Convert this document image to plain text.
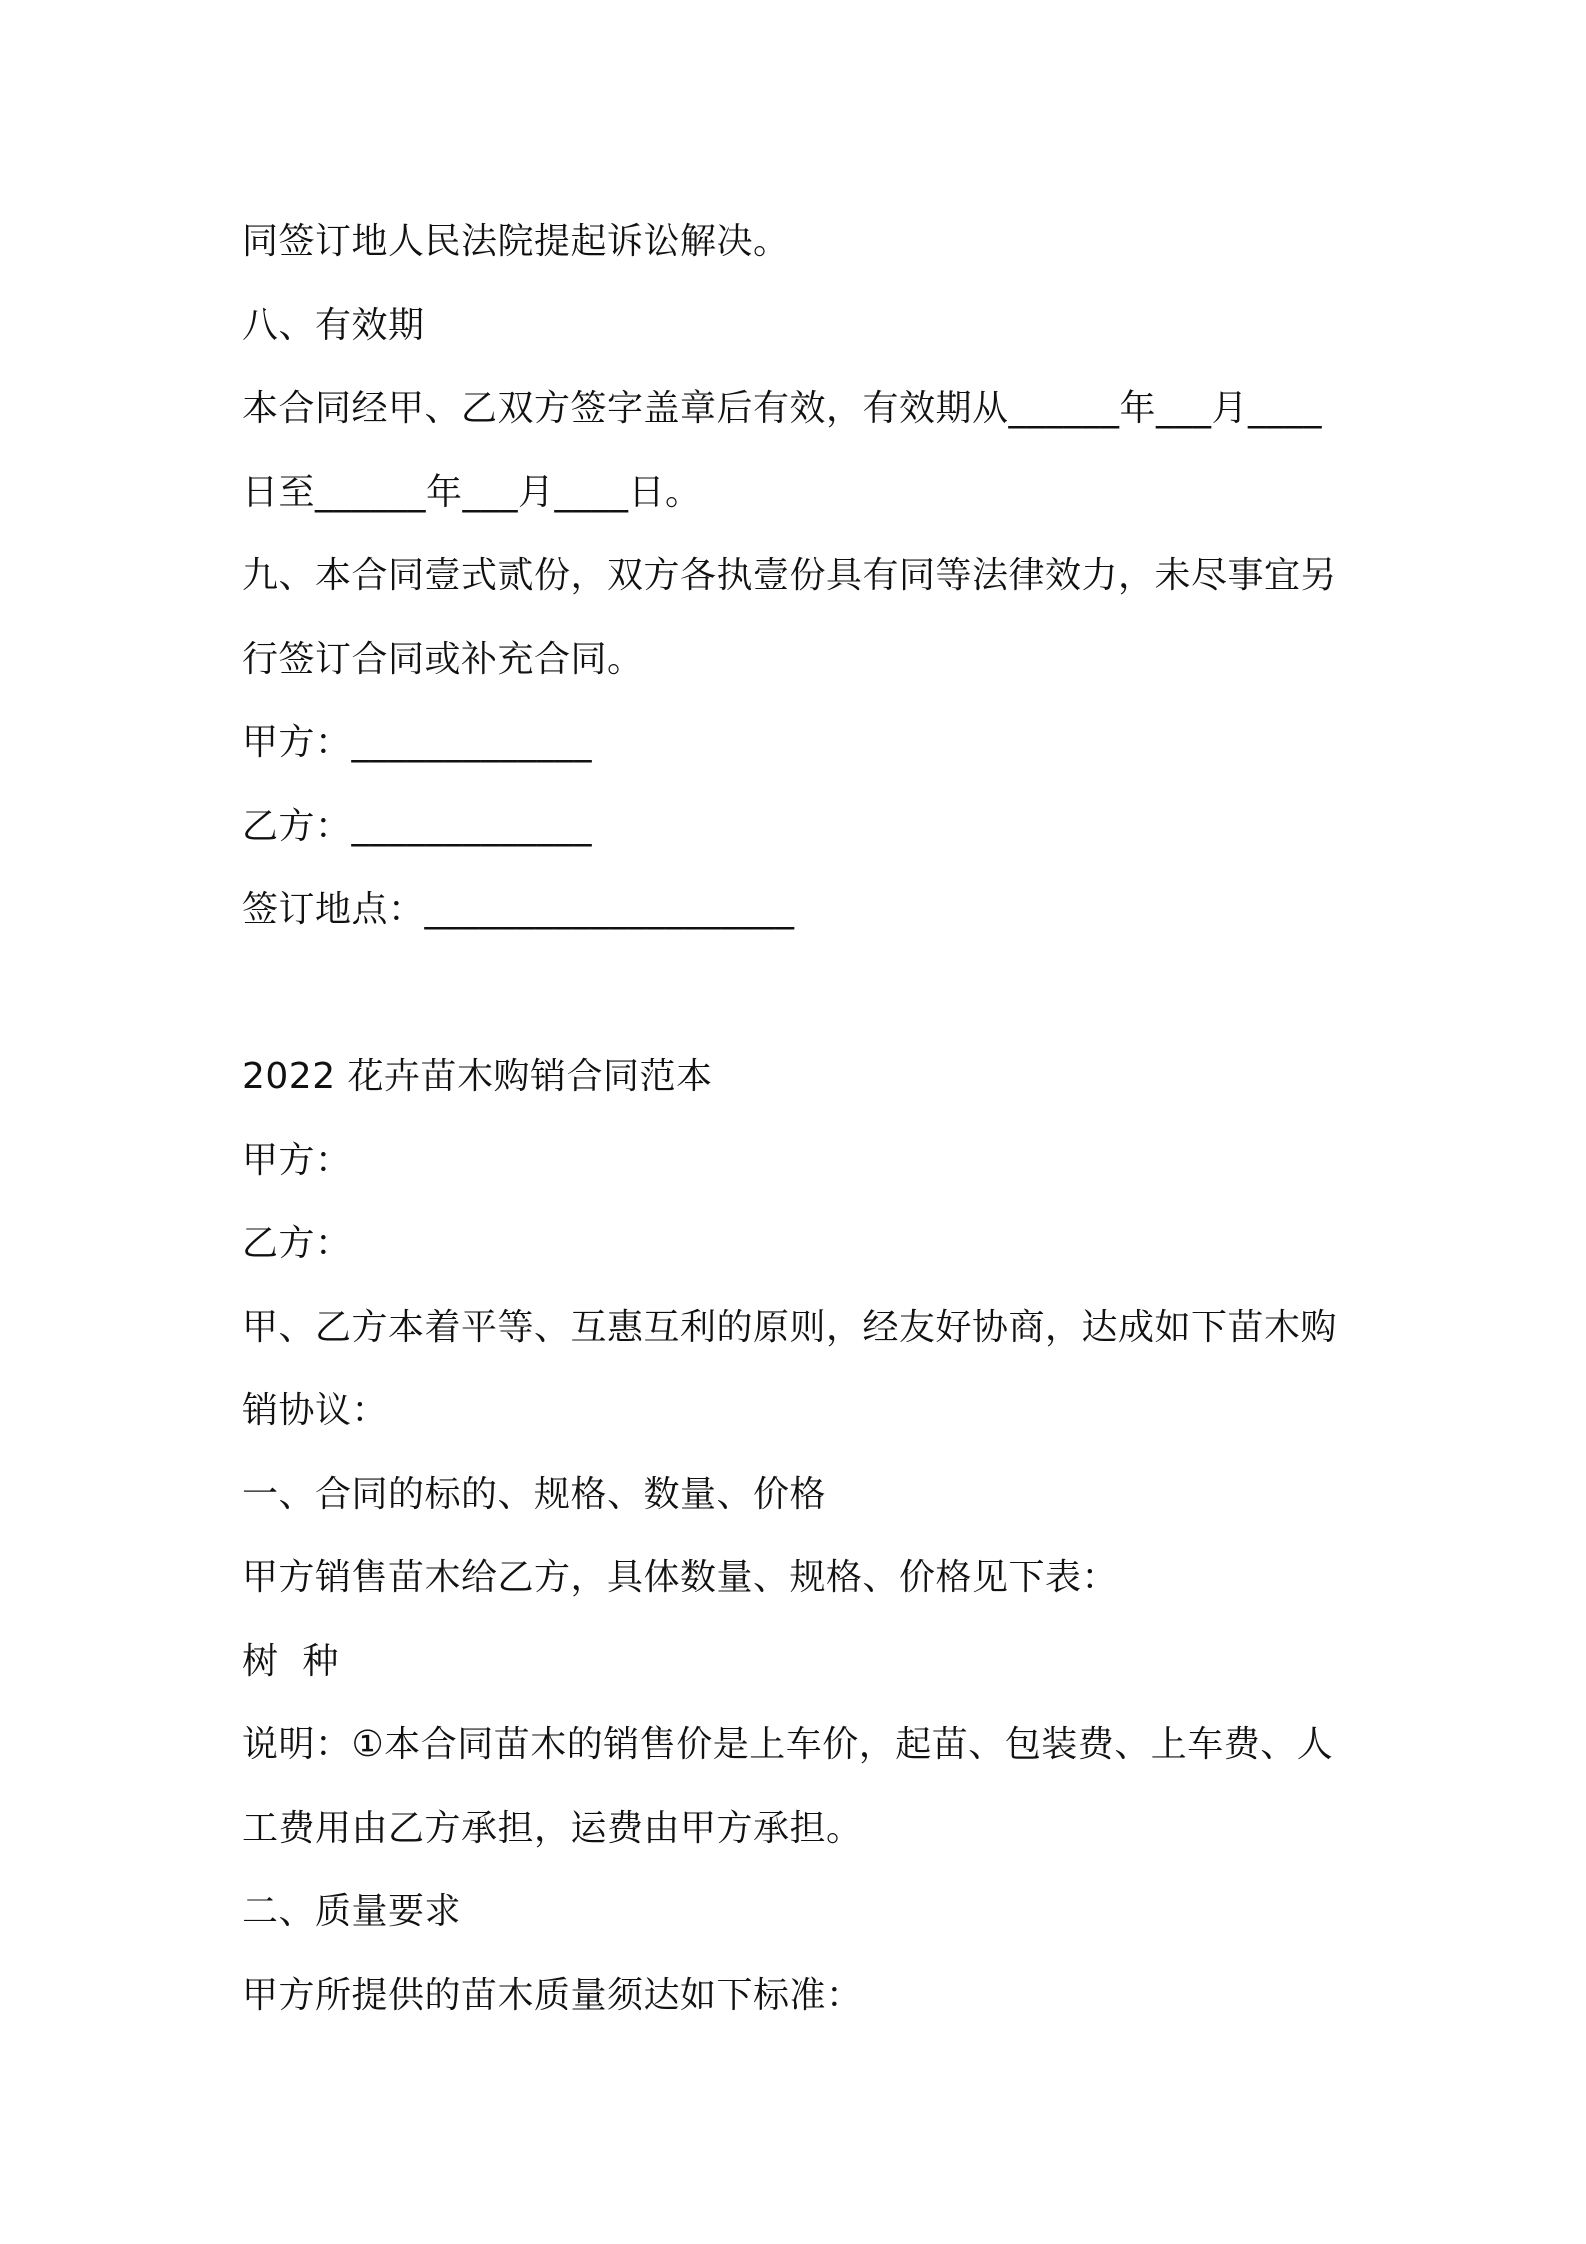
同签订地人民法院提起诉讼解决。
八、有效期
本合同经甲、乙双方签字盖章后有效，有效期从______年___月____
日至______年___月____日。
九、本合同壹式贰份，双方各执壹份具有同等法律效力，未尽事宜另
行签订合同或补充合同。
甲方：_____________
乙方：_____________
签订地点：____________________
2022 花卉苗木购销合同范本
甲方：
乙方：
甲、乙方本着平等、互惠互利的原则，经友好协商，达成如下苗木购
销协议：
一、合同的标的、规格、数量、价格
甲方销售苗木给乙方，具体数量、规格、价格见下表：
树  种
说明：①本合同苗木的销售价是上车价，起苗、包装费、上车费、人
工费用由乙方承担，运费由甲方承担。
二、质量要求
甲方所提供的苗木质量须达如下标准：
